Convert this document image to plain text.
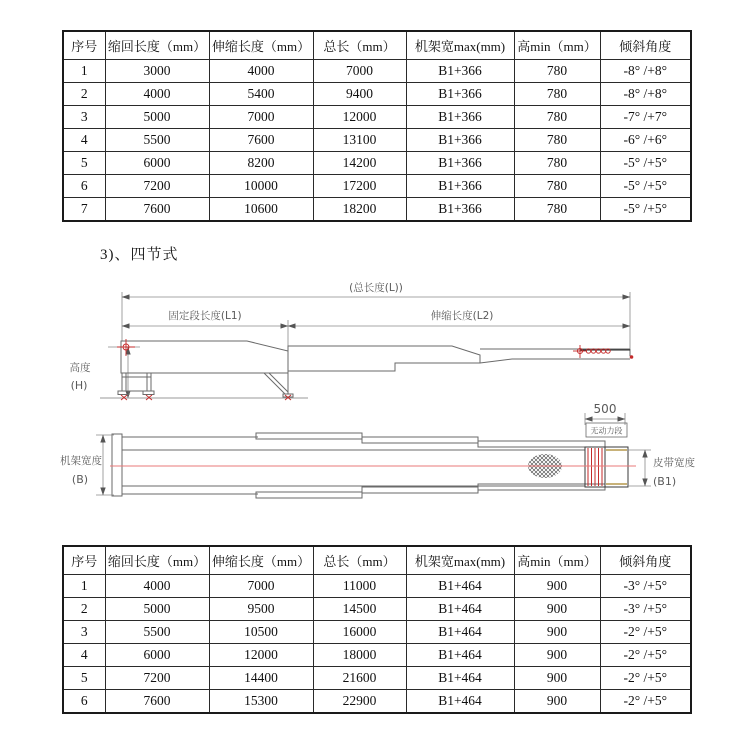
序号	缩回长度（mm）	伸缩长度（mm）	总长（mm）	机架宽max(mm)	高min（mm）	倾斜角度
1	3000	4000	7000	B1+366	780	-8° /+8°
2	4000	5400	9400	B1+366	780	-8° /+8°
3	5000	7000	12000	B1+366	780	-7° /+7°
4	5500	7600	13100	B1+366	780	-6° /+6°
5	6000	8200	14200	B1+366	780	-5° /+5°
6	7200	10000	17200	B1+366	780	-5° /+5°
7	7600	10600	18200	B1+366	780	-5° /+5°
3)、四节式
(总长度(L))
固定段长度(L1)	伸缩长度(L2)
高度
(H)
机架宽度
(B)
皮带宽度
(B1)
500
无动力段
序号	缩回长度（mm）	伸缩长度（mm）	总长（mm）	机架宽max(mm)	高min（mm）	倾斜角度
1	4000	7000	11000	B1+464	900	-3° /+5°
2	5000	9500	14500	B1+464	900	-3° /+5°
3	5500	10500	16000	B1+464	900	-2° /+5°
4	6000	12000	18000	B1+464	900	-2° /+5°
5	7200	14400	21600	B1+464	900	-2° /+5°
6	7600	15300	22900	B1+464	900	-2° /+5°
